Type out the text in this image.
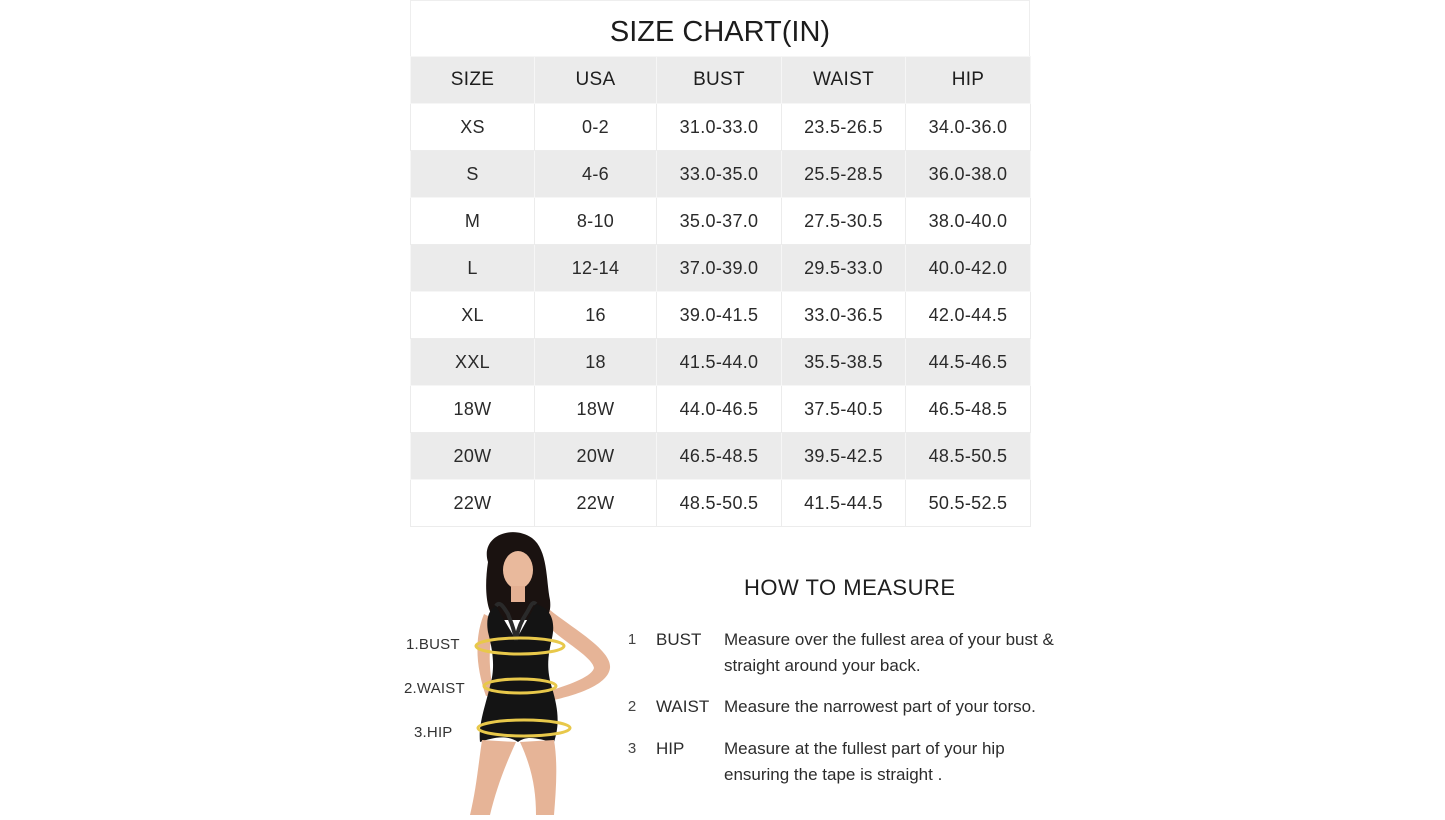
SIZE CHART(IN)
SIZE	USA	BUST	WAIST	HIP
XS	0-2	31.0-33.0	23.5-26.5	34.0-36.0
S	4-6	33.0-35.0	25.5-28.5	36.0-38.0
M	8-10	35.0-37.0	27.5-30.5	38.0-40.0
L	12-14	37.0-39.0	29.5-33.0	40.0-42.0
XL	16	39.0-41.5	33.0-36.5	42.0-44.5
XXL	18	41.5-44.0	35.5-38.5	44.5-46.5
18W	18W	44.0-46.5	37.5-40.5	46.5-48.5
20W	20W	46.5-48.5	39.5-42.5	48.5-50.5
22W	22W	48.5-50.5	41.5-44.5	50.5-52.5
1.BUST
2.WAIST
3.HIP
HOW TO MEASURE
1	BUST Measure over the fullest area of your bust & straight around your back.
2	WAIST Measure the narrowest part of your torso.
3	HIP Measure at the fullest part of your hip ensuring the tape is straight .
